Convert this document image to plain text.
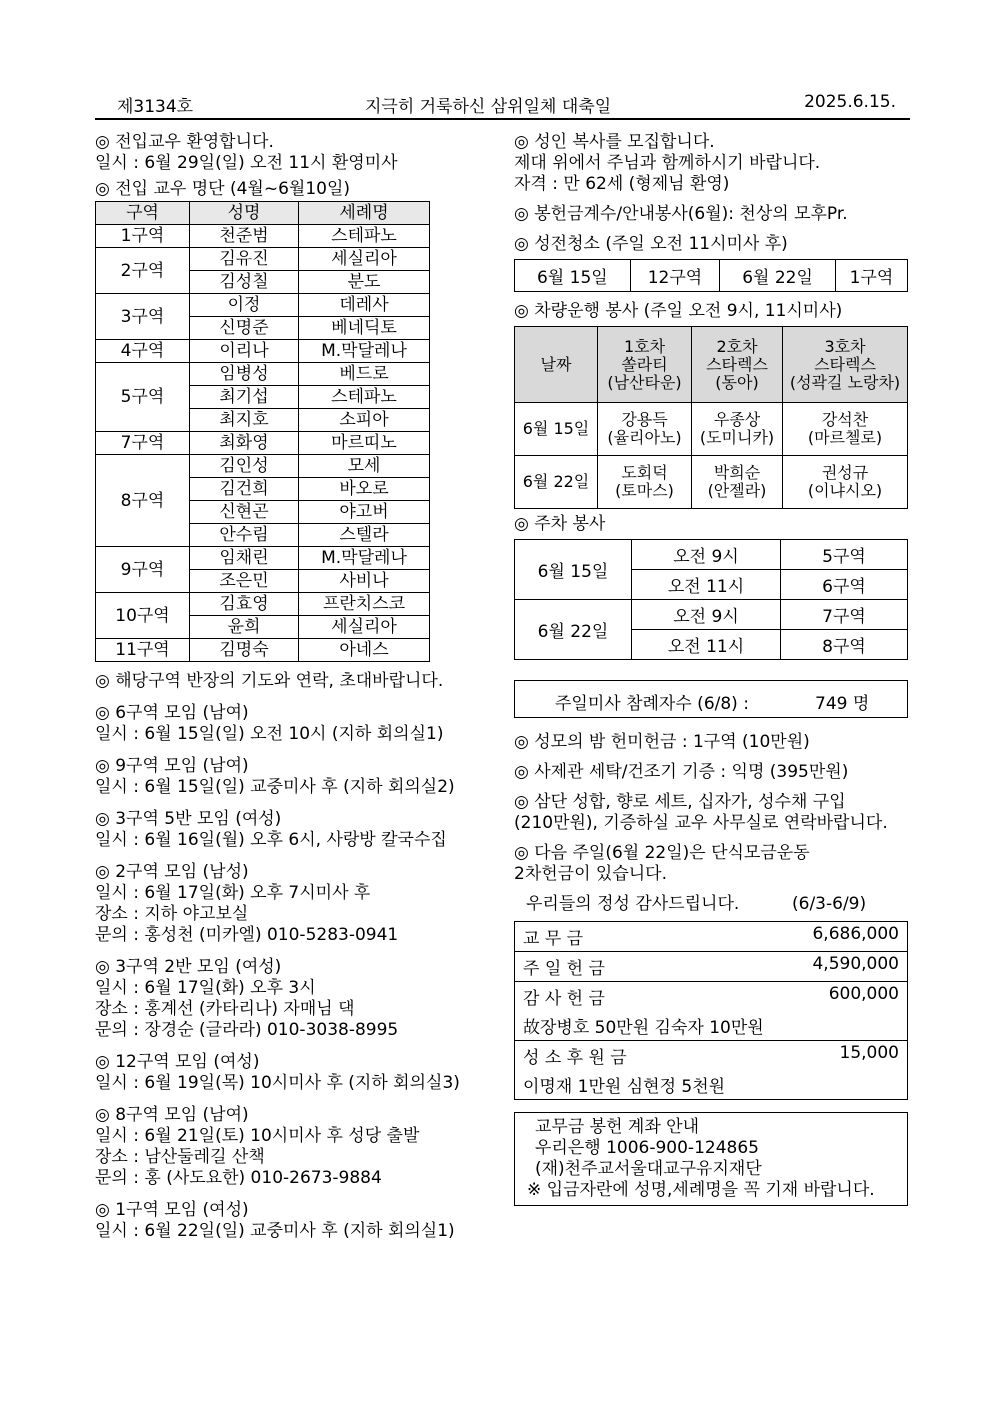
제3134호	지극히 거룩하신 삼위일체 대축일	2025.6.15.

◎ 전입교우 환영합니다.

일시 : 6월 29일(일) 오전 11시 환영미사

◎ 전입 교우 명단 (4월~6월10일)

구역	성명	세례명
1구역	천준범	스테파노
2구역	김유진	세실리아
	김성칠	분도
3구역	이정	데레사
	신명준	베네딕토
4구역	이리나	M.막달레나
5구역	임병성	베드로
	최기섭	스테파노
	최지호	소피아
7구역	최화영	마르띠노
8구역	김인성	모세
	김건희	바오로
	신현곤	야고버
	안수림	스텔라
9구역	임채린	M.막달레나
	조은민	사비나
10구역	김효영	프란치스코
	윤희	세실리아
11구역	김명숙	아네스

◎ 해당구역 반장의 기도와 연락, 초대바랍니다.

◎ 6구역 모임 (남여)

일시 : 6월 15일(일) 오전 10시 (지하 회의실1)

◎ 9구역 모임 (남여)

일시 : 6월 15일(일) 교중미사 후 (지하 회의실2)

◎ 3구역 5반 모임 (여성)

일시 : 6월 16일(월) 오후 6시, 사랑방 칼국수집

◎ 2구역 모임 (남성)

일시 : 6월 17일(화) 오후 7시미사 후

장소 : 지하 야고보실

문의 : 홍성천 (미카엘) 010-5283-0941

◎ 3구역 2반 모임 (여성)

일시 : 6월 17일(화) 오후 3시

장소 : 홍계선 (카타리나) 자매님 댁

문의 : 장경순 (글라라) 010-3038-8995

◎ 12구역 모임 (여성)

일시 : 6월 19일(목) 10시미사 후 (지하 회의실3)

◎ 8구역 모임 (남여)

일시 : 6월 21일(토) 10시미사 후 성당 출발

장소 : 남산둘레길 산책

문의 : 홍 (사도요한) 010-2673-9884

◎ 1구역 모임 (여성)

일시 : 6월 22일(일) 교중미사 후 (지하 회의실1)

◎ 성인 복사를 모집합니다.

제대 위에서 주님과 함께하시기 바랍니다.

자격 : 만 62세 (형제님 환영)

◎ 봉헌금계수/안내봉사(6월): 천상의 모후Pr.

◎ 성전청소 (주일 오전 11시미사 후)

6월 15일	12구역	6월 22일	1구역

◎ 차량운행 봉사 (주일 오전 9시, 11시미사)

날짜	1호차
쏠라티
(남산타운)	2호차
스타렉스
(동아)	3호차
스타렉스
(성곽길 노랑차)
6월 15일	강용득
(율리아노)	우종상
(도미니카)	강석찬
(마르첼로)
6월 22일	도회덕
(토마스)	박희순
(안젤라)	권성규
(이냐시오)

◎ 주차 봉사

6월 15일	오전 9시	5구역
	오전 11시	6구역
6월 22일	오전 9시	7구역
	오전 11시	8구역
주일미사 참례자수 (6/8) :	749 명

◎ 성모의 밤 헌미헌금 : 1구역 (10만원)

◎ 사제관 세탁/건조기 기증 : 익명 (395만원)

◎ 삼단 성합, 향로 세트, 십자가, 성수채 구입

(210만원), 기증하실 교우 사무실로 연락바랍니다.

◎ 다음 주일(6월 22일)은 단식모금운동

2차헌금이 있습니다.

우리들의 정성 감사드립니다.	(6/3-6/9)
교 무 금	6,686,000

주 일 헌 금	4,590,000

감 사 헌 금	600,000

故장병호 50만원 김숙자 10만원
성 소 후 원 금	15,000

이명재 1만원 심현정 5천원

교무금 봉헌 계좌 안내

우리은행 1006-900-124865

(재)천주교서울대교구유지재단

※ 입금자란에 성명,세례명을 꼭 기재 바랍니다.
